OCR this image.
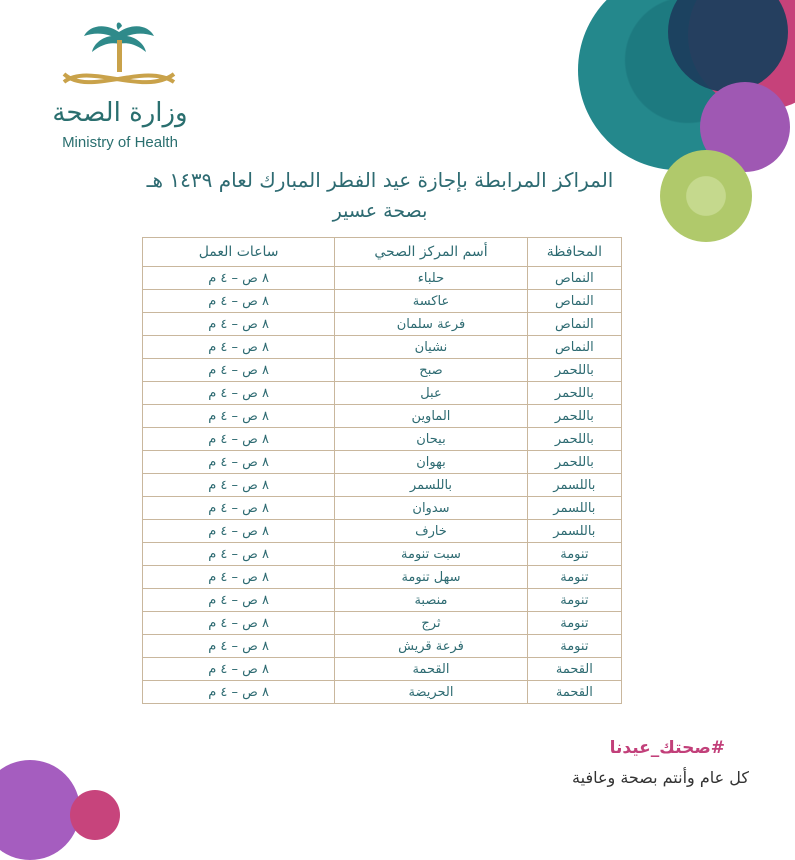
وزارة الصحة
Ministry of Health
المراكز المرابطة بإجازة عيد الفطر المبارك لعام ١٤٣٩ هـ
بصحة عسير
المحافظة	أسم المركز الصحي	ساعات العمل
النماص	حلباء	٨ ص – ٤ م
النماص	عاكسة	٨ ص – ٤ م
النماص	فرعة سلمان	٨ ص – ٤ م
النماص	نشيان	٨ ص – ٤ م
باللحمر	صبح	٨ ص – ٤ م
باللحمر	عبل	٨ ص – ٤ م
باللحمر	الماوين	٨ ص – ٤ م
باللحمر	بيحان	٨ ص – ٤ م
باللحمر	بهوان	٨ ص – ٤ م
باللسمر	باللسمر	٨ ص – ٤ م
باللسمر	سدوان	٨ ص – ٤ م
باللسمر	خارف	٨ ص – ٤ م
تنومة	سبت تنومة	٨ ص – ٤ م
تنومة	سهل تنومة	٨ ص – ٤ م
تنومة	منصبة	٨ ص – ٤ م
تنومة	ثرج	٨ ص – ٤ م
تنومة	فرعة قريش	٨ ص – ٤ م
القحمة	القحمة	٨ ص – ٤ م
القحمة	الحريضة	٨ ص – ٤ م
#صحتك_عيدنا
كل عام وأنتم بصحة وعافية
